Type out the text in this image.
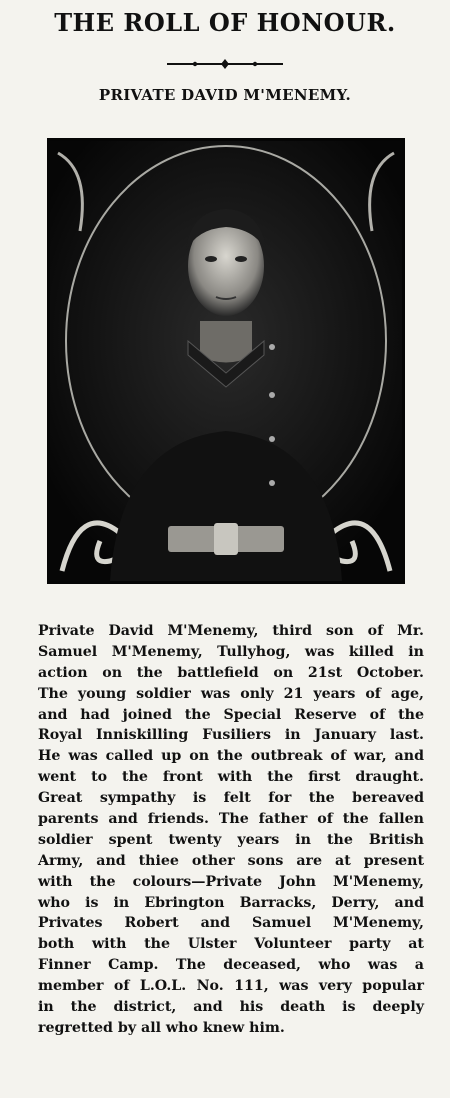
THE ROLL OF HONOUR.
PRIVATE DAVID M'MENEMY.
Private David M'Menemy, third son of Mr.
Samuel M'Menemy, Tullyhog, was killed in
action on the battlefield on 21st October.
The young soldier was only 21 years of age,
and had joined the Special Reserve of the
Royal Inniskilling Fusiliers in January last.
He was called up on the outbreak of war, and
went to the front with the first draught.
Great sympathy is felt for the bereaved
parents and friends. The father of the fallen
soldier spent twenty years in the British
Army, and thiee other sons are at present
with the colours—Private John M'Menemy,
who is in Ebrington Barracks, Derry, and
Privates Robert and Samuel M'Menemy,
both with the Ulster Volunteer party at
Finner Camp. The deceased, who was a
member of L.O.L. No. 111, was very popular
in the district, and his death is deeply
regretted by all who knew him.
